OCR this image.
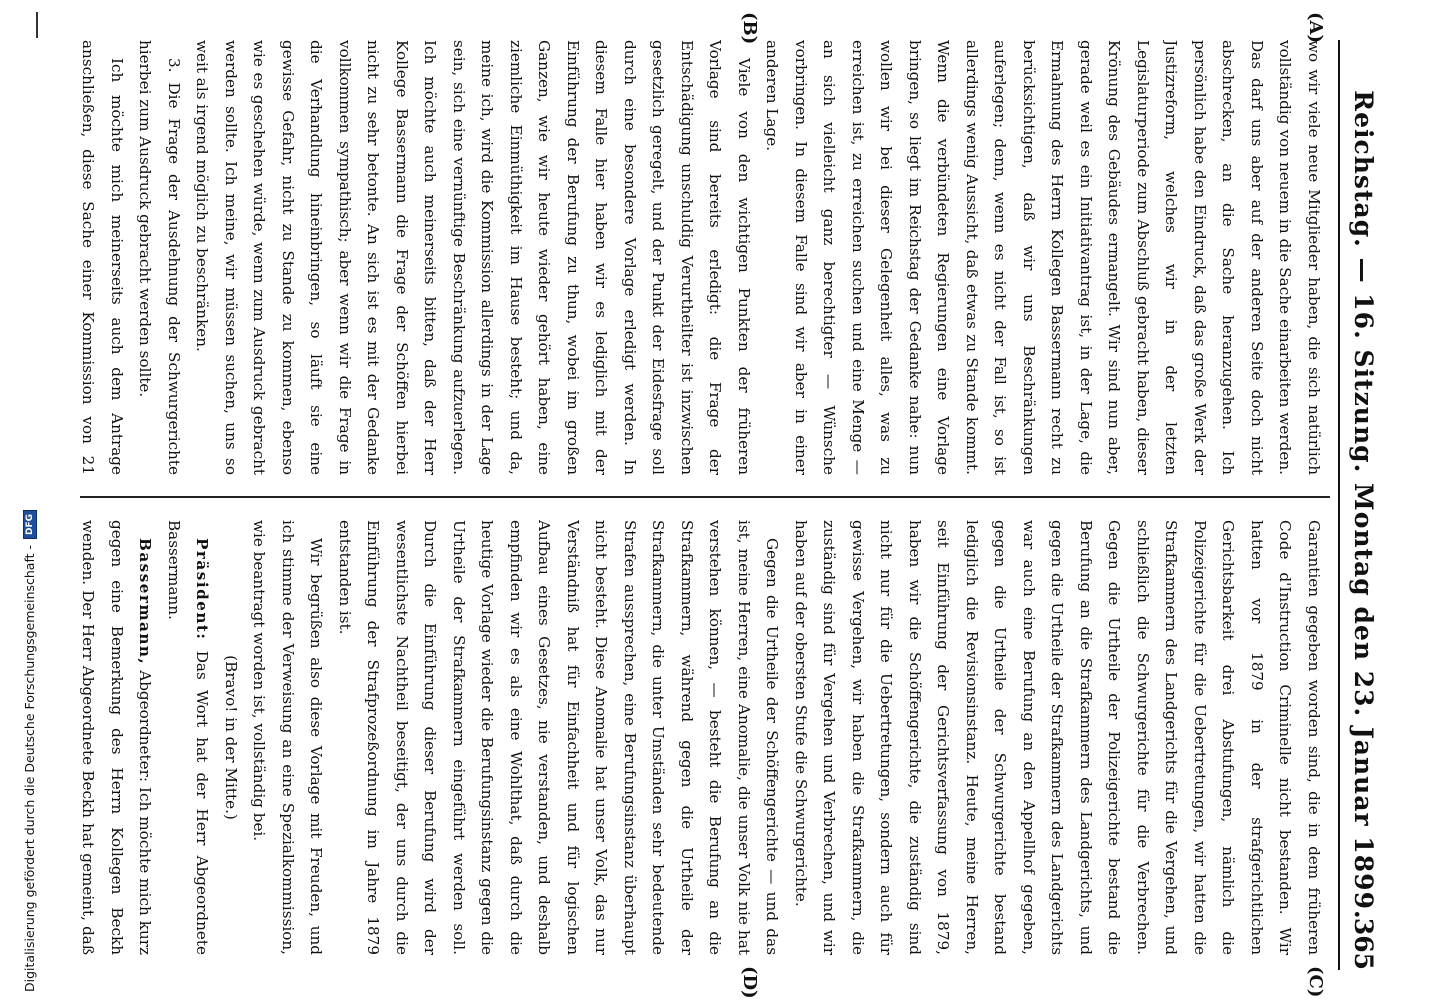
Digitalisierung gefördert durch die Deutsche Forschungsgemeinschaft -
DFG	Reichstag. — 16. Sitzung. Montag den 23. Januar 1899.
365
(A)
(B)
(C)
(D)

wo wir viele neue Mitglieder haben, die sich natürlich vollständig von neuem in die Sache einarbeiten werden. Das darf uns aber auf der anderen Seite doch nicht abschrecken, an die Sache heranzugehen. Ich persönlich habe den Eindruck, daß das große Werk der Justizreform, welches wir in der letzten Legislaturperiode zum Abschluß gebracht haben, dieser Krönung des Gebäudes ermangelt. Wir sind nun aber, gerade weil es ein Initiativantrag ist, in der Lage, die Ermahnung des Herrn Kollegen Bassermann recht zu berücksichtigen, daß wir uns Beschränkungen auferlegen; denn, wenn es nicht der Fall ist, so ist allerdings wenig Aussicht, daß etwas zu Stande kommt. Wenn die verbündeten Regierungen eine Vorlage bringen, so liegt im Reichstag der Gedanke nahe: nun wollen wir bei dieser Gelegenheit alles, was zu erreichen ist, zu erreichen suchen und eine Menge — an sich vielleicht ganz berechtigter — Wünsche vorbringen. In diesem Falle sind wir aber in einer anderen Lage.

Viele von den wichtigen Punkten der früheren Vorlage sind bereits erledigt: die Frage der Entschädigung unschuldig Verurtheilter ist inzwischen gesetzlich geregelt, und der Punkt der Eidesfrage soll durch eine besondere Vorlage erledigt werden. In diesem Falle hier haben wir es lediglich mit der Einführung der Berufung zu thun, wobei im großen Ganzen, wie wir heute wieder gehört haben, eine ziemliche Einmüthigkeit im Hause besteht; und da, meine ich, wird die Kommission allerdings in der Lage sein, sich eine vernünftige Beschränkung aufzuerlegen. Ich möchte auch meinerseits bitten, daß der Herr Kollege Bassermann die Frage der Schöffen hierbei nicht zu sehr betonte. An sich ist es mit der Gedanke vollkommen sympathisch; aber wenn wir die Frage in die Verhandlung hineinbringen, so läuft sie eine gewisse Gefahr, nicht zu Stande zu kommen, ebenso wie es geschehen würde, wenn zum Ausdruck gebracht werden sollte. Ich meine, wir müssen suchen, uns so weit als irgend möglich zu beschränken.

3. Die Frage der Ausdehnung der Schwurgerichte hierbei zum Ausdruck gebracht werden sollte.

Ich möchte mich meinerseits auch dem Antrage anschließen, diese Sache einer Kommission von 21

Garantien gegeben worden sind, die in dem früheren Code d'Instruction Criminelle nicht bestanden. Wir hatten vor 1879 in der strafgerichtlichen Gerichtsbarkeit drei Abstufungen, nämlich die Polizeigerichte für die Uebertretungen, wir hatten die Strafkammern des Landgerichts für die Vergehen, und schließlich die Schwurgerichte für die Verbrechen. Gegen die Urtheile der Polizeigerichte bestand die Berufung an die Strafkammern des Landgerichts, und gegen die Urtheile der Strafkammern des Landgerichts war auch eine Berufung an den Appellhof gegeben, gegen die Urtheile der Schwurgerichte bestand lediglich die Revisionsinstanz. Heute, meine Herren, seit Einführung der Gerichtsverfassung von 1879, haben wir die Schöffengerichte, die zuständig sind nicht nur für die Uebertretungen, sondern auch für gewisse Vergehen, wir haben die Strafkammern, die zuständig sind für Vergehen und Verbrechen, und wir haben auf der obersten Stufe die Schwurgerichte.

Gegen die Urtheile der Schöffengerichte — und das ist, meine Herren, eine Anomalie, die unser Volk nie hat verstehen können, — besteht die Berufung an die Strafkammern, während gegen die Urtheile der Strafkammern, die unter Umständen sehr bedeutende Strafen aussprechen, eine Berufungsinstanz überhaupt nicht besteht. Diese Anomalie hat unser Volk, das nur Verständniß hat für Einfachheit und für logischen Aufbau eines Gesetzes, nie verstanden, und deshalb empfinden wir es als eine Wohlthat, daß durch die heutige Vorlage wieder die Berufungsinstanz gegen die Urtheile der Strafkammern eingeführt werden soll. Durch die Einführung dieser Berufung wird der wesentlichste Nachtheil beseitigt, der uns durch die Einführung der Strafprozeßordnung im Jahre 1879 entstanden ist.

Wir begrüßen also diese Vorlage mit Freuden, und ich stimme der Verweisung an eine Spezialkommission, wie beantragt worden ist, vollständig bei.

(Bravo! in der Mitte.)

Präsident: Das Wort hat der Herr Abgeordnete Bassermann.

Bassermann, Abgeordneter: Ich möchte mich kurz gegen eine Bemerkung des Herrn Kollegen Beckh wenden. Der Herr Abgeordnete Beckh hat gemeint, daß
